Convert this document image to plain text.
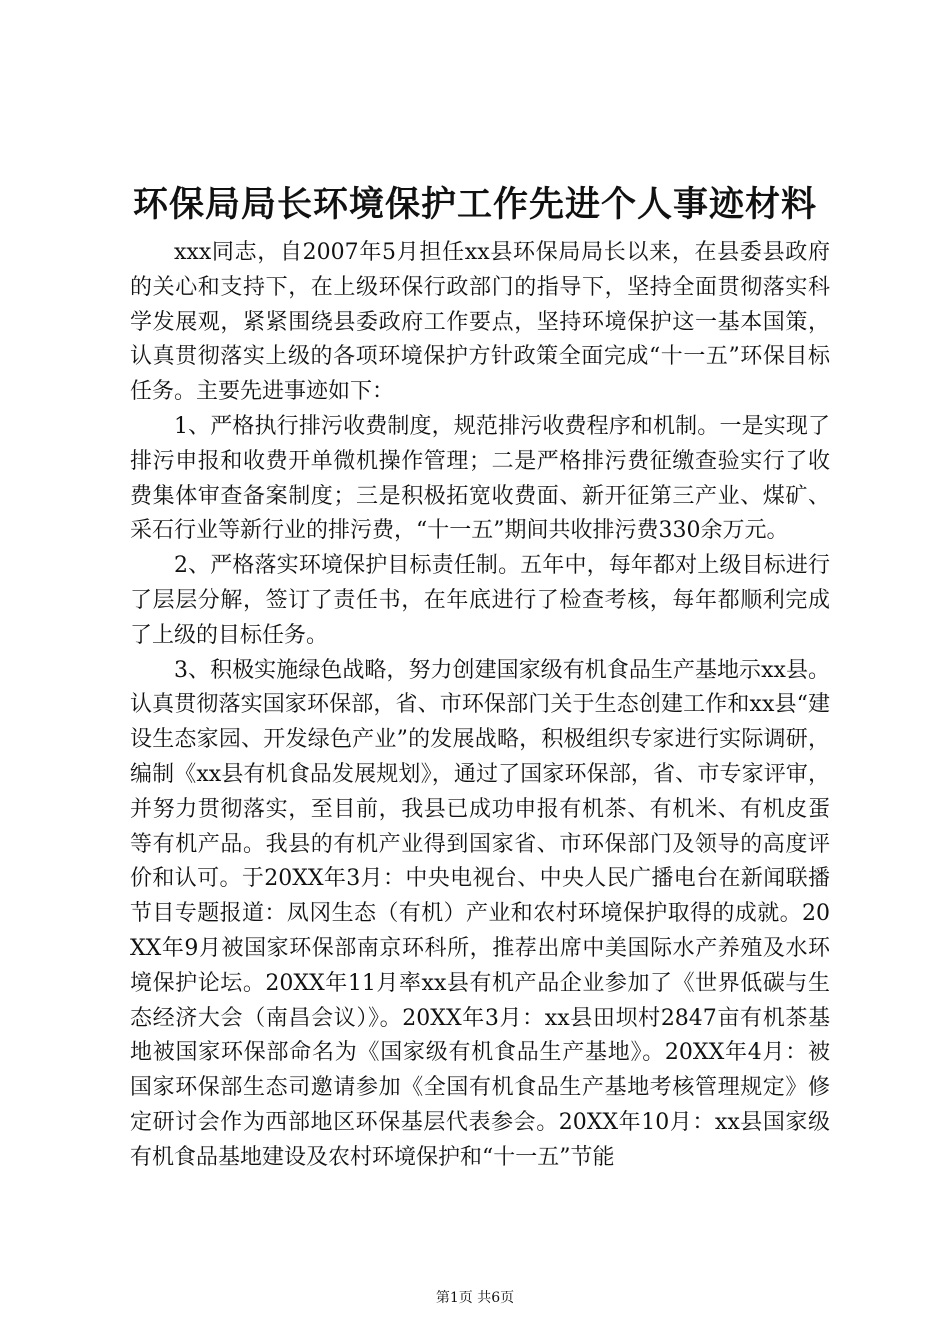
环保局局长环境保护工作先进个人事迹材料

xxx同志，自2007年5月担任xx县环保局局长以来，在县委县政府的关心和支持下，在上级环保行政部门的指导下，坚持全面贯彻落实科学发展观，紧紧围绕县委政府工作要点，坚持环境保护这一基本国策，认真贯彻落实上级的各项环境保护方针政策全面完成“十一五”环保目标任务。主要先进事迹如下：

1、严格执行排污收费制度，规范排污收费程序和机制。一是实现了排污申报和收费开单微机操作管理；二是严格排污费征缴查验实行了收费集体审查备案制度；三是积极拓宽收费面、新开征第三产业、煤矿、采石行业等新行业的排污费，“十一五”期间共收排污费330余万元。

2、严格落实环境保护目标责任制。五年中，每年都对上级目标进行了层层分解，签订了责任书，在年底进行了检查考核，每年都顺利完成了上级的目标任务。

3、积极实施绿色战略，努力创建国家级有机食品生产基地示xx县。认真贯彻落实国家环保部，省、市环保部门关于生态创建工作和xx县“建设生态家园、开发绿色产业”的发展战略，积极组织专家进行实际调研，编制《xx县有机食品发展规划》，通过了国家环保部，省、市专家评审，并努力贯彻落实，至目前，我县已成功申报有机茶、有机米、有机皮蛋等有机产品。我县的有机产业得到国家省、市环保部门及领导的高度评价和认可。于20XX年3月：中央电视台、中央人民广播电台在新闻联播节目专题报道：凤冈生态（有机）产业和农村环境保护取得的成就。20XX年9月被国家环保部南京环科所，推荐出席中美国际水产养殖及水环境保护论坛。20XX年11月率xx县有机产品企业参加了《世界低碳与生态经济大会（南昌会议）》。20XX年3月：xx县田坝村2847亩有机茶基地被国家环保部命名为《国家级有机食品生产基地》。20XX年4月：被国家环保部生态司邀请参加《全国有机食品生产基地考核管理规定》修定研讨会作为西部地区环保基层代表参会。20XX年10月：xx县国家级有机食品基地建设及农村环境保护和“十一五”节能

第1页 共6页
